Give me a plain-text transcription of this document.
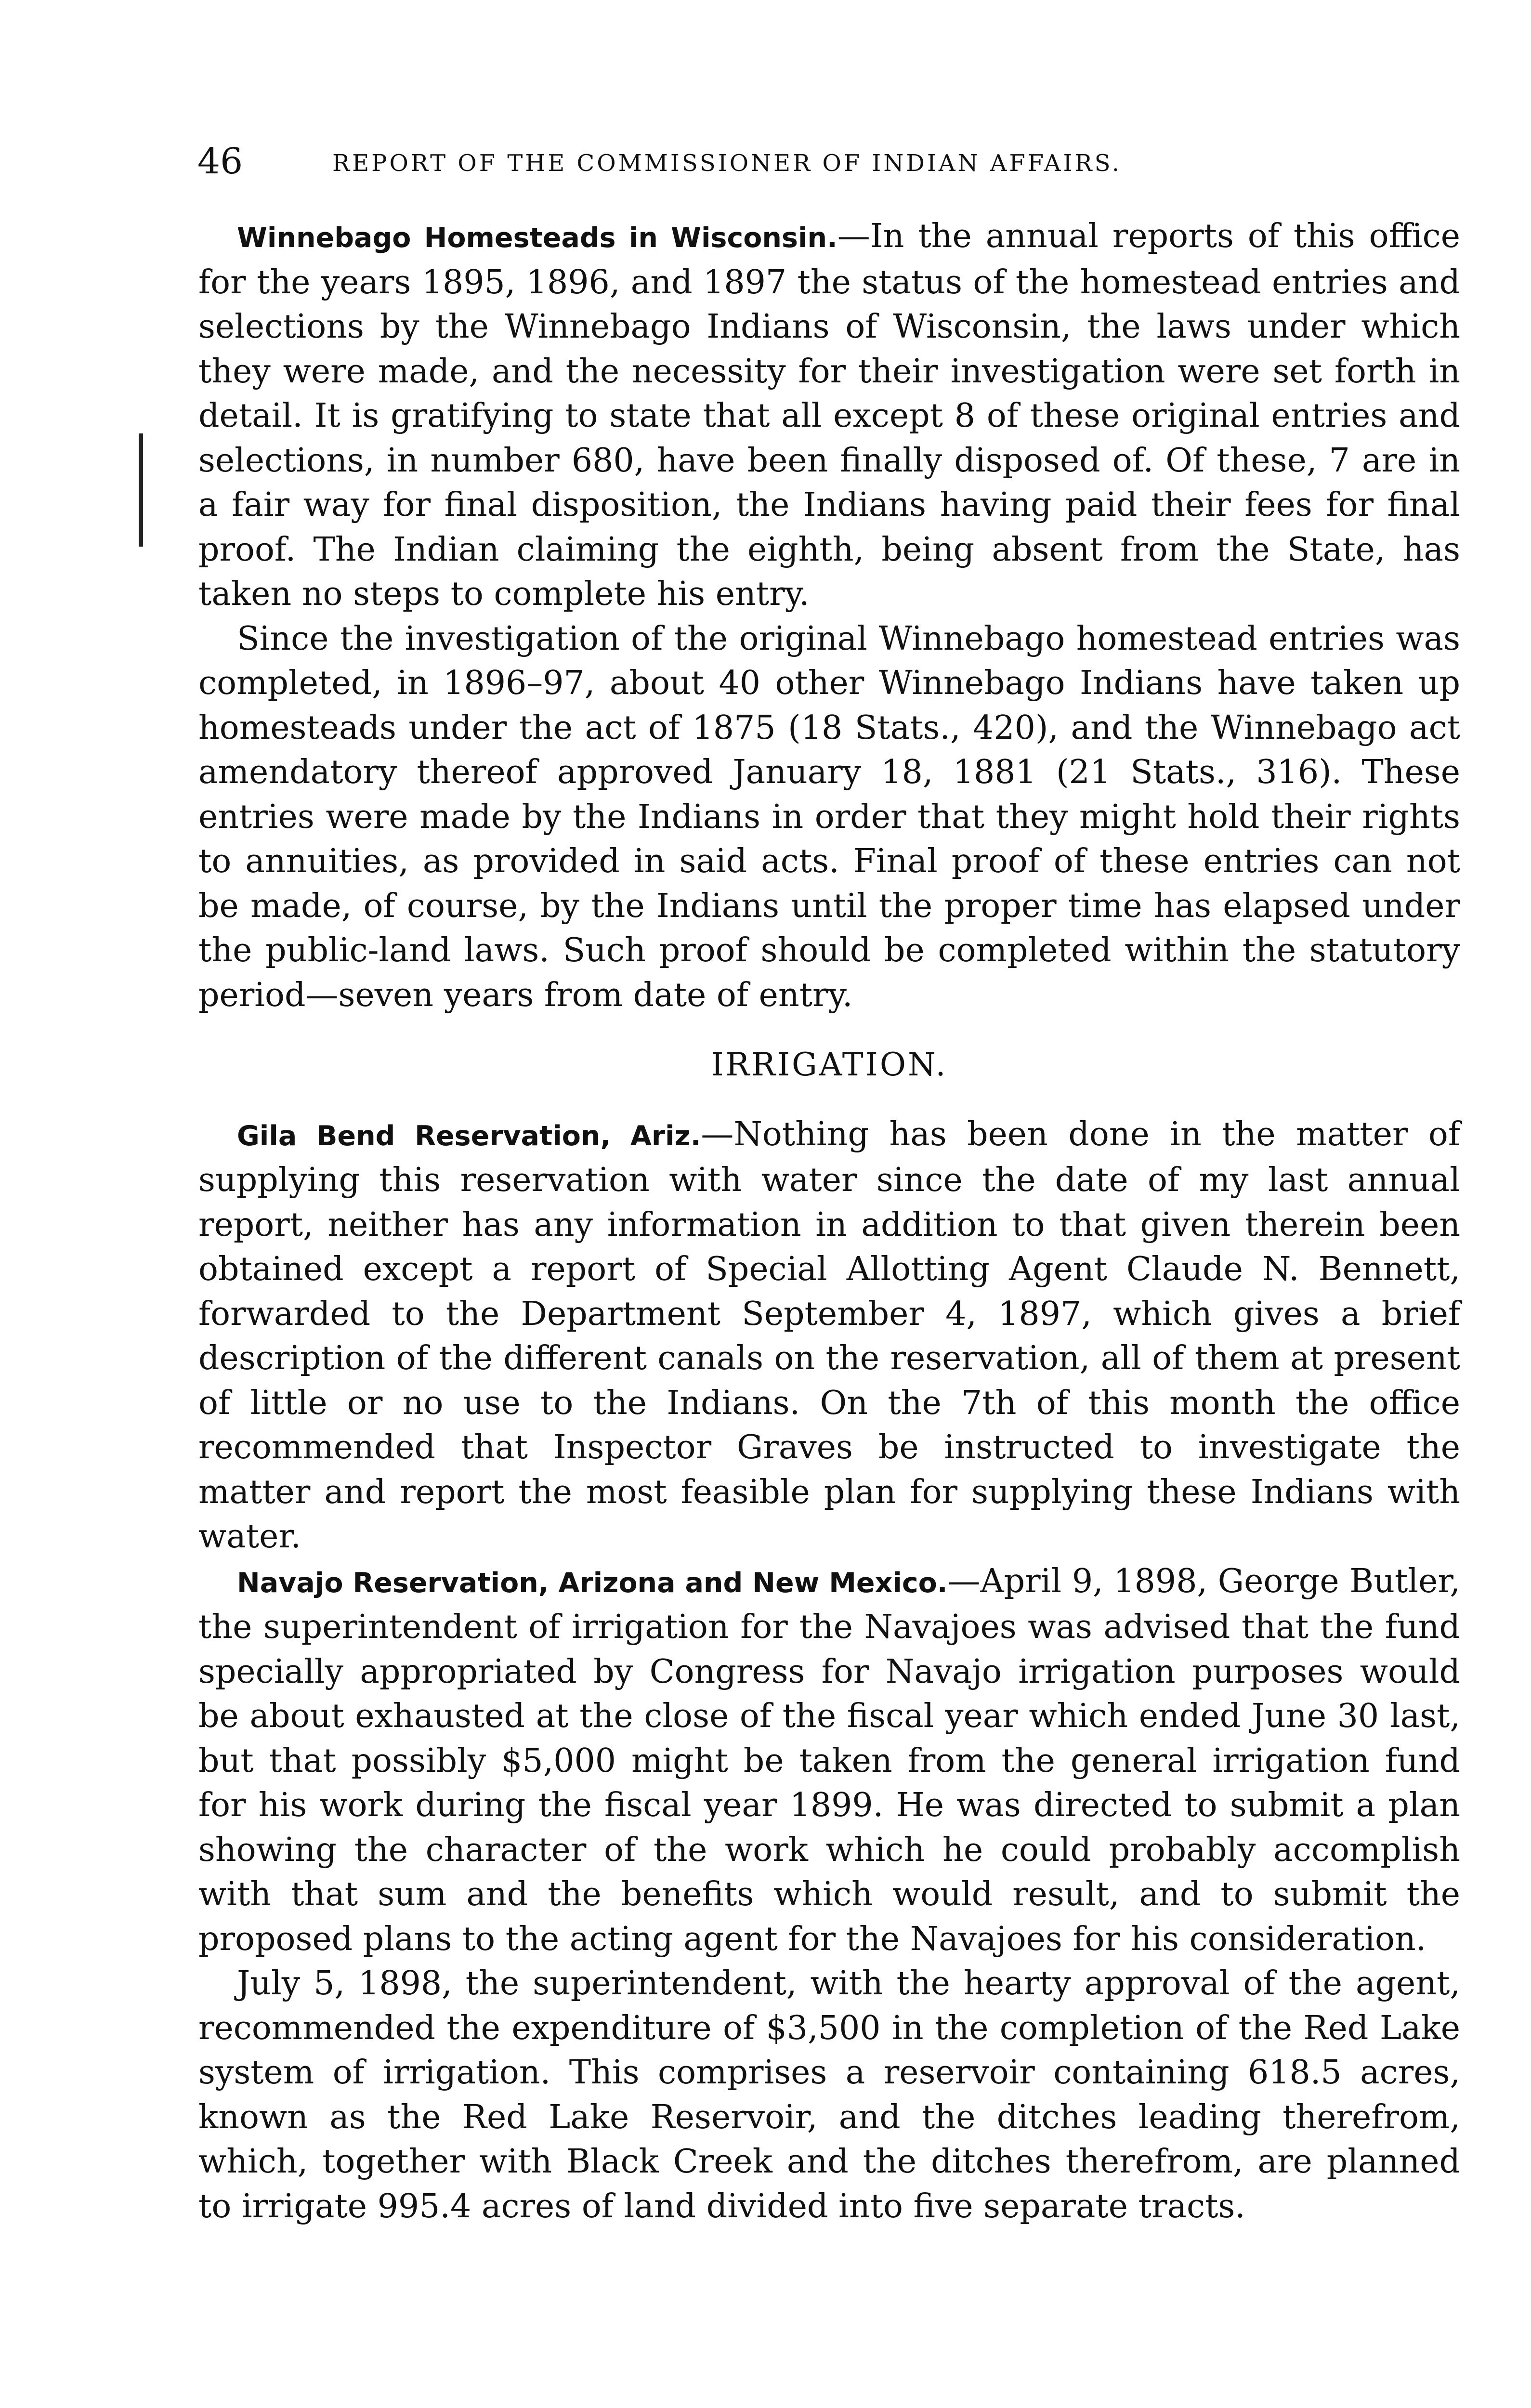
46	REPORT OF THE COMMISSIONER OF INDIAN AFFAIRS.

Winnebago Homesteads in Wisconsin.—In the annual reports of this office for the years 1895, 1896, and 1897 the status of the homestead entries and selections by the Winnebago Indians of Wisconsin, the laws under which they were made, and the necessity for their investigation were set forth in detail. It is gratifying to state that all except 8 of these original entries and selections, in number 680, have been finally disposed of. Of these, 7 are in a fair way for final disposition, the Indians having paid their fees for final proof. The Indian claiming the eighth, being absent from the State, has taken no steps to complete his entry.

Since the investigation of the original Winnebago homestead entries was completed, in 1896–97, about 40 other Winnebago Indians have taken up homesteads under the act of 1875 (18 Stats., 420), and the Winnebago act amendatory thereof approved January 18, 1881 (21 Stats., 316). These entries were made by the Indians in order that they might hold their rights to annuities, as provided in said acts. Final proof of these entries can not be made, of course, by the Indians until the proper time has elapsed under the public-land laws. Such proof should be completed within the statutory period—seven years from date of entry.

IRRIGATION.

Gila Bend Reservation, Ariz.—Nothing has been done in the matter of supplying this reservation with water since the date of my last annual report, neither has any information in addition to that given therein been obtained except a report of Special Allotting Agent Claude N. Bennett, forwarded to the Department September 4, 1897, which gives a brief description of the different canals on the reservation, all of them at present of little or no use to the Indians. On the 7th of this month the office recommended that Inspector Graves be instructed to investigate the matter and report the most feasible plan for supplying these Indians with water.

Navajo Reservation, Arizona and New Mexico.—April 9, 1898, George Butler, the superintendent of irrigation for the Navajoes was advised that the fund specially appropriated by Congress for Navajo irrigation purposes would be about exhausted at the close of the fiscal year which ended June 30 last, but that possibly $5,000 might be taken from the general irrigation fund for his work during the fiscal year 1899. He was directed to submit a plan showing the character of the work which he could probably accomplish with that sum and the benefits which would result, and to submit the proposed plans to the acting agent for the Navajoes for his consideration.

July 5, 1898, the superintendent, with the hearty approval of the agent, recommended the expenditure of $3,500 in the completion of the Red Lake system of irrigation. This comprises a reservoir containing 618.5 acres, known as the Red Lake Reservoir, and the ditches leading therefrom, which, together with Black Creek and the ditches therefrom, are planned to irrigate 995.4 acres of land divided into five separate tracts.
